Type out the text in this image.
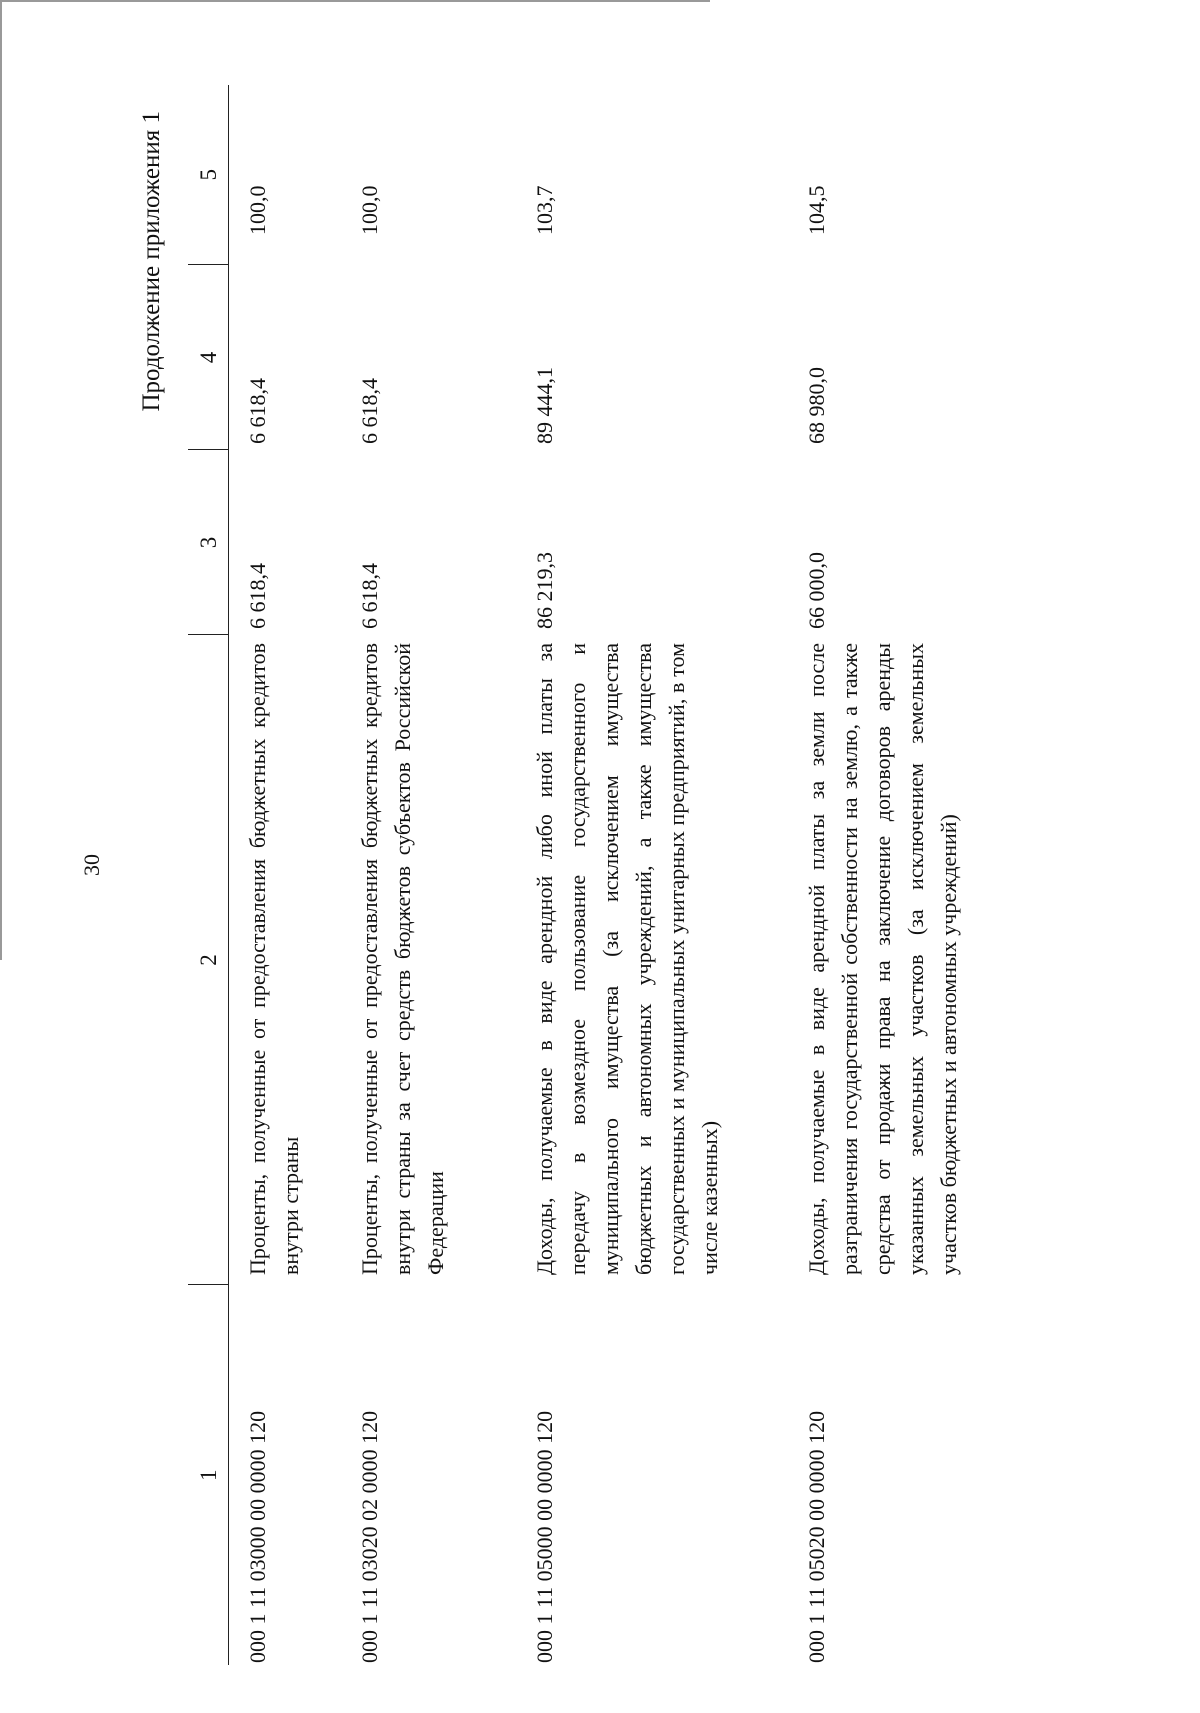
30
Продолжение приложения 1
1	2	3	4	5
000 1 11 03000 00 0000 120	Проценты, полученные от предоставления бюджетных кредитов внутри страны	6 618,4	6 618,4	100,0
000 1 11 03020 02 0000 120	Проценты, полученные от предоставления бюджетных кредитов внутри страны за счет средств бюджетов субъектов Российской Федерации	6 618,4	6 618,4	100,0
000 1 11 05000 00 0000 120	Доходы, получаемые в виде арендной либо иной платы за передачу в возмездное пользование государственного и муниципального имущества (за исключением имущества бюджетных и автономных учреждений, а также имущества государственных и муниципальных унитарных предприятий, в том числе казенных)	86 219,3	89 444,1	103,7
000 1 11 05020 00 0000 120	Доходы, получаемые в виде арендной платы за земли после разграничения государственной собственности на землю, а также средства от продажи права на заключение договоров аренды указанных земельных участков (за исключением земельных участков бюджетных и автономных учреждений)	66 000,0	68 980,0	104,5
